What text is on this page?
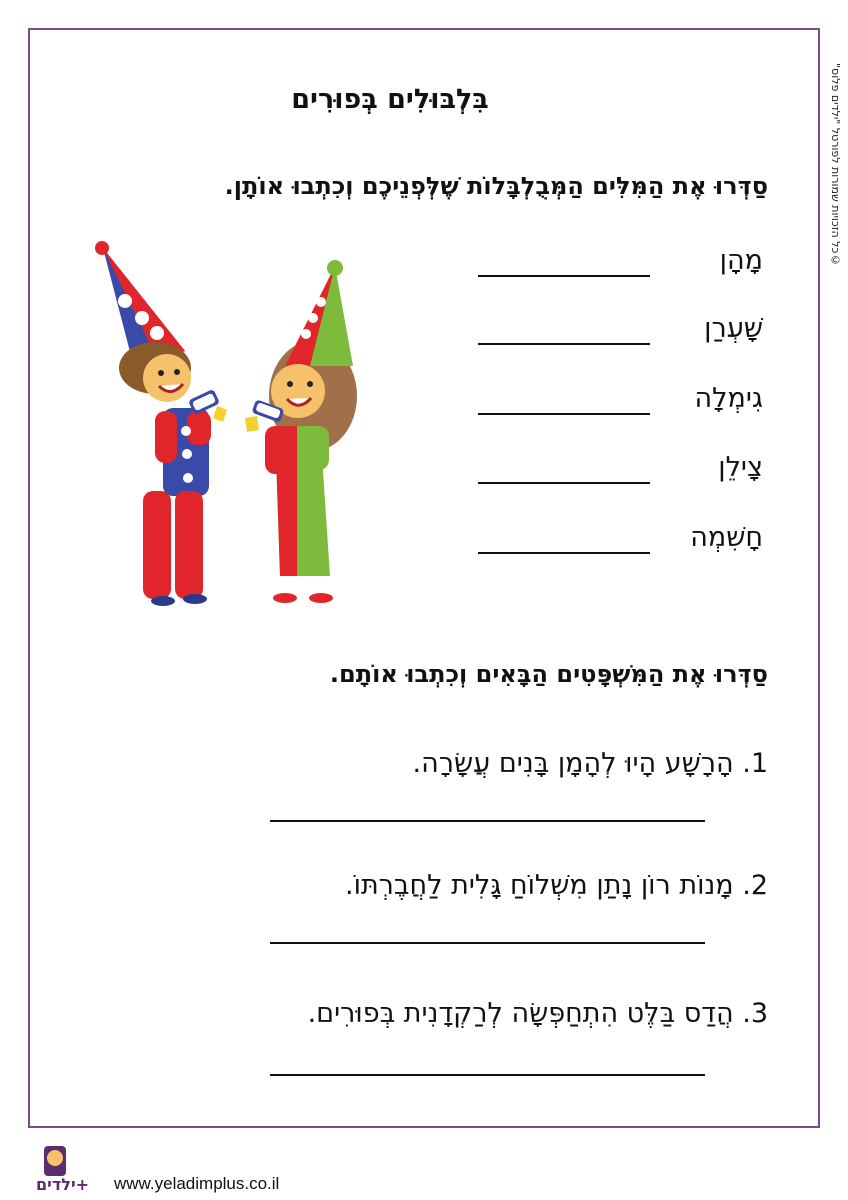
©כל הזכויות שמורות לפורטל "ילדים פלוס"
בִּלְבּוּלִים בְּפוּרִים
סַדְּרוּ אֶת הַמִּלִּים הַמְּבֻלְבָּלוֹת שֶׁלְּפְנֵיכֶם וְכִתְבוּ אוֹתָן.
מָהָן
שָׁעְרַן
גִימְלָה
צָילֵן
חָשִׁמְה
סַדְּרוּ אֶת הַמִּשְׁפָּטִים הַבָּאִים וְכִתְבוּ אוֹתָם.
1. הָרָשָׁע הָיוּ לְהָמָן בָּנִים עֲשָׂרָה.
2. מָנוֹת רוֹן נָתַן מִשְׁלוֹחַ גָּלִית לַחֲבֶרְתּוֹ.
3. הֲדַס בַּלֶּט הִתְחַפְּשָׂה לְרַקְדָנִית בְּפוּרִים.
ילדים+ www.yeladimplus.co.il
